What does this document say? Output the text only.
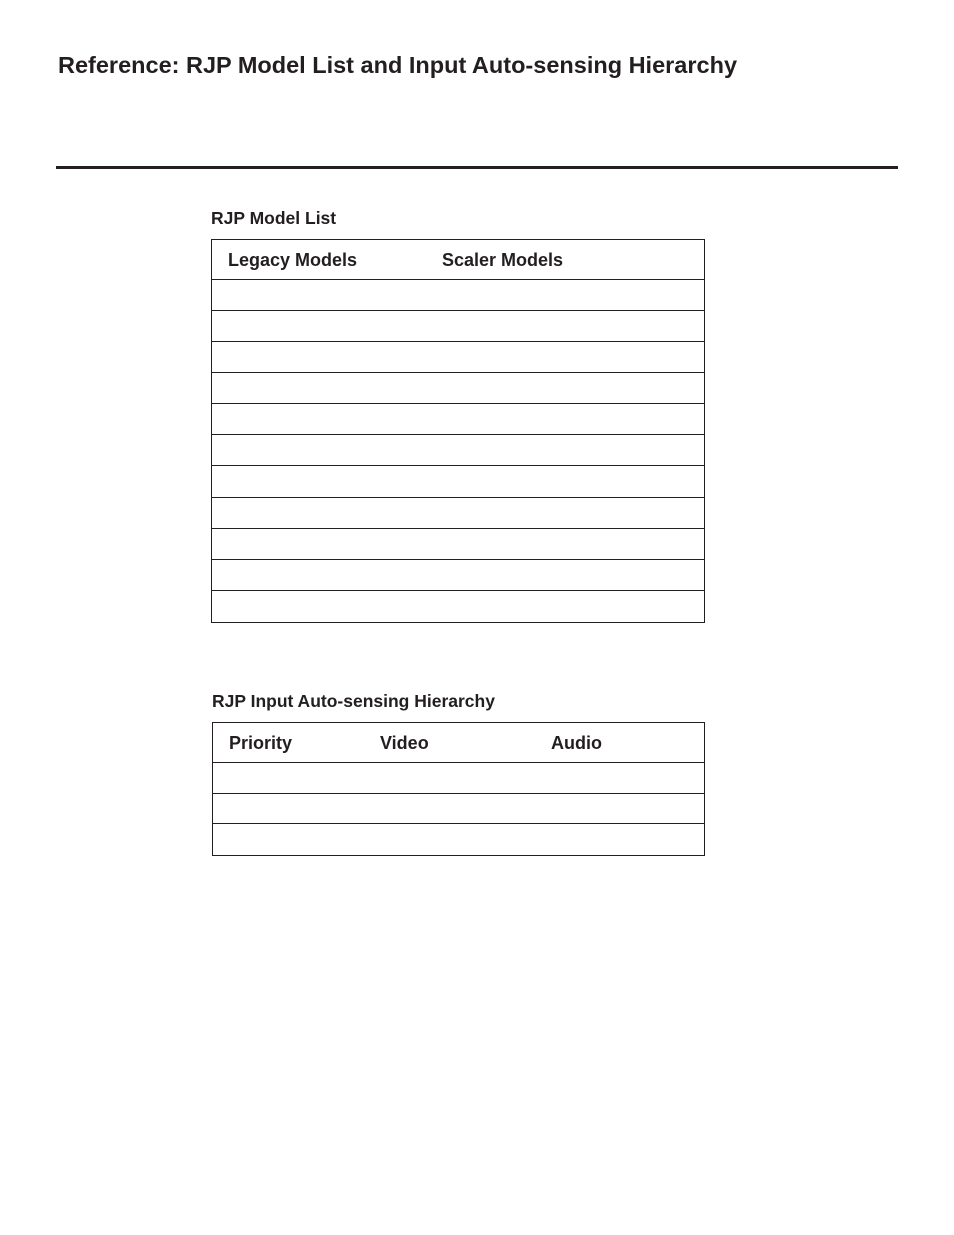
Reference: RJP Model List and Input Auto-sensing Hierarchy
RJP Model List
Legacy Models	Scaler Models
RJP Input Auto-sensing Hierarchy
Priority	Video	Audio
